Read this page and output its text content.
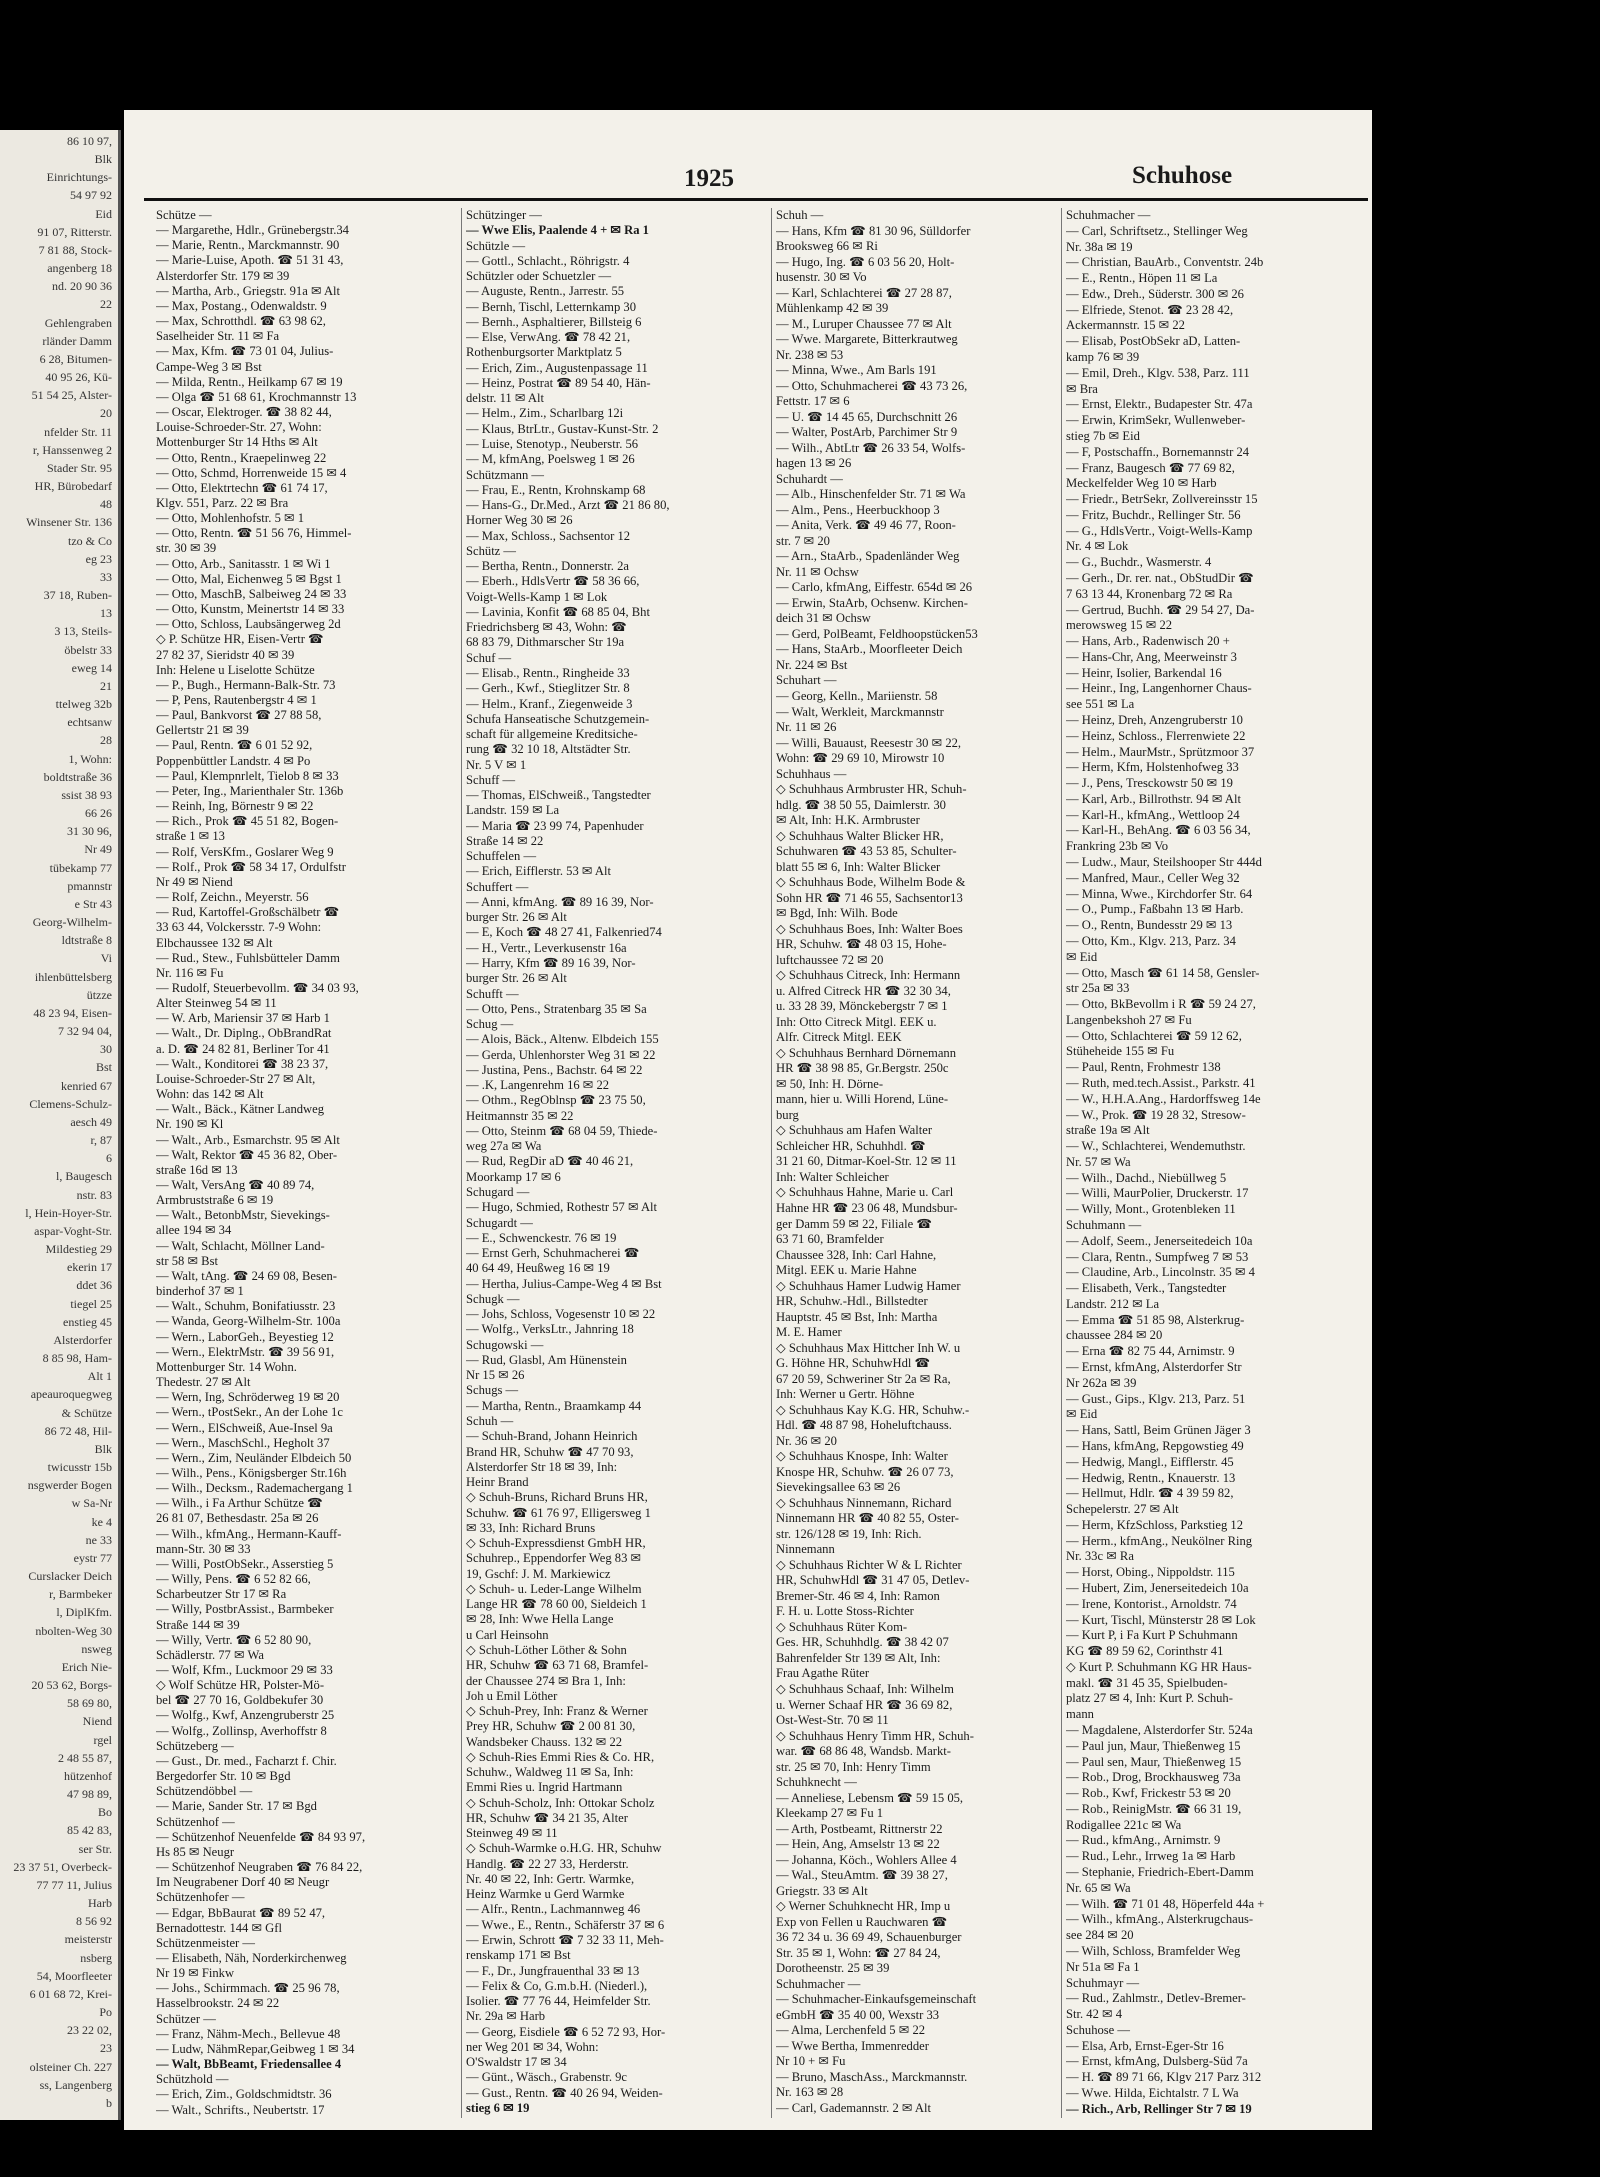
86 10 97,
Blk
Einrichtungs-
54 97 92
Eid
91 07, Ritterstr.
7 81 88, Stock-
angenberg 18
nd. 20 90 36
22
Gehlengraben
rländer Damm
6 28, Bitumen-
40 95 26, Kü-
51 54 25, Alster-
20
nfelder Str. 11
r, Hanssenweg 2
Stader Str. 95
HR, Bürobedarf
48
Winsener Str. 136
tzo & Co
eg 23
33
37 18, Ruben-
13
3 13, Steils-
öbelstr 33
eweg 14
21
ttelweg 32b
echtsanw
28
1, Wohn:
boldtstraße 36
ssist 38 93
66 26
31 30 96,
Nr 49
tübekamp 77
pmannstr
e Str 43
Georg-Wilhelm-
ldtstraße 8
Vi
ihlenbüttelsberg
ützze
48 23 94, Eisen-
7 32 94 04,
30
Bst
kenried 67
Clemens-Schulz-
aesch 49
r, 87
6
l, Baugesch
nstr. 83
l, Hein-Hoyer-Str.
aspar-Voght-Str.
Mildestieg 29
ekerin 17
ddet 36
tiegel 25
enstieg 45
Alsterdorfer
8 85 98, Ham-
Alt 1
apeauroquegweg
& Schütze
86 72 48, Hil-
Blk
twicusstr 15b
nsgwerder Bogen
w Sa-Nr
ke 4
ne 33
eystr 77
Curslacker Deich
r, Barmbeker
l, DiplKfm.
nbolten-Weg 30
nsweg
Erich Nie-
20 53 62, Borgs-
58 69 80,
Niend
rgel
2 48 55 87,
hützenhof
47 98 89,
Bo
85 42 83,
ser Str.
23 37 51, Overbeck-
77 77 11, Julius
Harb
8 56 92
meisterstr
nsberg
54, Moorfleeter
6 01 68 72, Krei-
Po
23 22 02,
23
olsteiner Ch. 227
ss, Langenberg
b
1925	Schuhose
Schütze —
— Margarethe, Hdlr., Grünebergstr.34
— Marie, Rentn., Marckmannstr. 90
— Marie-Luise, Apoth. ☎ 51 31 43,
Alsterdorfer Str. 179 ✉ 39
— Martha, Arb., Griegstr. 91a ✉ Alt
— Max, Postang., Odenwaldstr. 9
— Max, Schrotthdl. ☎ 63 98 62,
Saselheider Str. 11 ✉ Fa
— Max, Kfm. ☎ 73 01 04, Julius-
Campe-Weg 3 ✉ Bst
— Milda, Rentn., Heilkamp 67 ✉ 19
— Olga ☎ 51 68 61, Krochmannstr 13
— Oscar, Elektroger. ☎ 38 82 44,
Louise-Schroeder-Str. 27, Wohn:
Mottenburger Str 14 Hths ✉ Alt
— Otto, Rentn., Kraepelinweg 22
— Otto, Schmd, Horrenweide 15 ✉ 4
— Otto, Elektrtechn ☎ 61 74 17,
Klgv. 551, Parz. 22 ✉ Bra
— Otto, Mohlenhofstr. 5 ✉ 1
— Otto, Rentn. ☎ 51 56 76, Himmel-
str. 30 ✉ 39
— Otto, Arb., Sanitasstr. 1 ✉ Wi 1
— Otto, Mal, Eichenweg 5 ✉ Bgst 1
— Otto, MaschB, Salbeiweg 24 ✉ 33
— Otto, Kunstm, Meinertstr 14 ✉ 33
— Otto, Schloss, Laubsängerweg 2d
◇ P. Schütze HR, Eisen-Vertr ☎
27 82 37, Sieridstr 40 ✉ 39
Inh: Helene u Liselotte Schütze
— P., Bugh., Hermann-Balk-Str. 73
— P, Pens, Rautenbergstr 4 ✉ 1
— Paul, Bankvorst ☎ 27 88 58,
Gellertstr 21 ✉ 39
— Paul, Rentn. ☎ 6 01 52 92,
Poppenbüttler Landstr. 4 ✉ Po
— Paul, Klempnrlelt, Tielob 8 ✉ 33
— Peter, Ing., Marienthaler Str. 136b
— Reinh, Ing, Börnestr 9 ✉ 22
— Rich., Prok ☎ 45 51 82, Bogen-
straße 1 ✉ 13
— Rolf, VersKfm., Goslarer Weg 9
— Rolf., Prok ☎ 58 34 17, Ordulfstr
Nr 49 ✉ Niend
— Rolf, Zeichn., Meyerstr. 56
— Rud, Kartoffel-Großschälbetr ☎
33 63 44, Volckersstr. 7-9 Wohn:
Elbchaussee 132 ✉ Alt
— Rud., Stew., Fuhlsbütteler Damm
Nr. 116 ✉ Fu
— Rudolf, Steuerbevollm. ☎ 34 03 93,
Alter Steinweg 54 ✉ 11
— W. Arb, Mariensir 37 ✉ Harb 1
— Walt., Dr. Diplng., ObBrandRat
a. D. ☎ 24 82 81, Berliner Tor 41
— Walt., Konditorei ☎ 38 23 37,
Louise-Schroeder-Str 27 ✉ Alt,
Wohn: das 142 ✉ Alt
— Walt., Bäck., Kätner Landweg
Nr. 190 ✉ Kl
— Walt., Arb., Esmarchstr. 95 ✉ Alt
— Walt, Rektor ☎ 45 36 82, Ober-
straße 16d ✉ 13
— Walt, VersAng ☎ 40 89 74,
Armbruststraße 6 ✉ 19
— Walt., BetonbMstr, Sievekings-
allee 194 ✉ 34
— Walt, Schlacht, Möllner Land-
str 58 ✉ Bst
— Walt, tAng. ☎ 24 69 08, Besen-
binderhof 37 ✉ 1
— Walt., Schuhm, Bonifatiusstr. 23
— Wanda, Georg-Wilhelm-Str. 100a
— Wern., LaborGeh., Beyestieg 12
— Wern., ElektrMstr. ☎ 39 56 91,
Mottenburger Str. 14 Wohn.
Thedestr. 27 ✉ Alt
— Wern, Ing, Schröderweg 19 ✉ 20
— Wern., tPostSekr., An der Lohe 1c
— Wern., ElSchweiß, Aue-Insel 9a
— Wern., MaschSchl., Hegholt 37
— Wern., Zim, Neuländer Elbdeich 50
— Wilh., Pens., Königsberger Str.16h
— Wilh., Decksm., Rademachergang 1
— Wilh., i Fa Arthur Schütze ☎
26 81 07, Bethesdastr. 25a ✉ 26
— Wilh., kfmAng., Hermann-Kauff-
mann-Str. 30 ✉ 33
— Willi, PostObSekr., Asserstieg 5
— Willy, Pens. ☎ 6 52 82 66,
Scharbeutzer Str 17 ✉ Ra
— Willy, PostbrAssist., Barmbeker
Straße 144 ✉ 39
— Willy, Vertr. ☎ 6 52 80 90,
Schädlerstr. 77 ✉ Wa
— Wolf, Kfm., Luckmoor 29 ✉ 33
◇ Wolf Schütze HR, Polster-Mö-
bel ☎ 27 70 16, Goldbekufer 30
— Wolfg., Kwf, Anzengruberstr 25
— Wolfg., Zollinsp, Averhoffstr 8
Schützeberg —
— Gust., Dr. med., Facharzt f. Chir.
Bergedorfer Str. 10 ✉ Bgd
Schützendöbbel —
— Marie, Sander Str. 17 ✉ Bgd
Schützenhof —
— Schützenhof Neuenfelde ☎ 84 93 97,
Hs 85 ✉ Neugr
— Schützenhof Neugraben ☎ 76 84 22,
Im Neugrabener Dorf 40 ✉ Neugr
Schützenhofer —
— Edgar, BbBaurat ☎ 89 52 47,
Bernadottestr. 144 ✉ Gfl
Schützenmeister —
— Elisabeth, Näh, Norderkirchenweg
Nr 19 ✉ Finkw
— Johs., Schirmmach. ☎ 25 96 78,
Hasselbrookstr. 24 ✉ 22
Schützer —
— Franz, Nähm-Mech., Bellevue 48
— Ludw, NähmRepar,Geibweg 1 ✉ 34
— Walt, BbBeamt, Friedensallee 4
Schützhold —
— Erich, Zim., Goldschmidtstr. 36
— Walt., Schrifts., Neubertstr. 17
Schützinger —
— Wwe Elis, Paalende 4 + ✉ Ra 1
Schützle —
— Gottl., Schlacht., Röhrigstr. 4
Schützler oder Schuetzler —
— Auguste, Rentn., Jarrestr. 55
— Bernh, Tischl, Letternkamp 30
— Bernh., Asphaltierer, Billsteig 6
— Else, VerwAng. ☎ 78 42 21,
Rothenburgsorter Marktplatz 5
— Erich, Zim., Augustenpassage 11
— Heinz, Postrat ☎ 89 54 40, Hän-
delstr. 11 ✉ Alt
— Helm., Zim., Scharlbarg 12i
— Klaus, BtrLtr., Gustav-Kunst-Str. 2
— Luise, Stenotyp., Neuberstr. 56
— M, kfmAng, Poelsweg 1 ✉ 26
Schützmann —
— Frau, E., Rentn, Krohnskamp 68
— Hans-G., Dr.Med., Arzt ☎ 21 86 80,
Horner Weg 30 ✉ 26
— Max, Schloss., Sachsentor 12
Schütz —
— Bertha, Rentn., Donnerstr. 2a
— Eberh., HdlsVertr ☎ 58 36 66,
Voigt-Wells-Kamp 1 ✉ Lok
— Lavinia, Konfit ☎ 68 85 04, Bht
Friedrichsberg ✉ 43, Wohn: ☎
68 83 79, Dithmarscher Str 19a
Schuf —
— Elisab., Rentn., Ringheide 33
— Gerh., Kwf., Stieglitzer Str. 8
— Helm., Kranf., Ziegenweide 3
Schufa Hanseatische Schutzgemein-
schaft für allgemeine Kreditsiche-
rung ☎ 32 10 18, Altstädter Str.
Nr. 5 V ✉ 1
Schuff —
— Thomas, ElSchweiß., Tangstedter
Landstr. 159 ✉ La
— Maria ☎ 23 99 74, Papenhuder
Straße 14 ✉ 22
Schuffelen —
— Erich, Eifflerstr. 53 ✉ Alt
Schuffert —
— Anni, kfmAng. ☎ 89 16 39, Nor-
burger Str. 26 ✉ Alt
— E, Koch ☎ 48 27 41, Falkenried74
— H., Vertr., Leverkusenstr 16a
— Harry, Kfm ☎ 89 16 39, Nor-
burger Str. 26 ✉ Alt
Schufft —
— Otto, Pens., Stratenbarg 35 ✉ Sa
Schug —
— Alois, Bäck., Altenw. Elbdeich 155
— Gerda, Uhlenhorster Weg 31 ✉ 22
— Justina, Pens., Bachstr. 64 ✉ 22
— .K, Langenrehm 16 ✉ 22
— Othm., RegOblnsp ☎ 23 75 50,
Heitmannstr 35 ✉ 22
— Otto, Steinm ☎ 68 04 59, Thiede-
weg 27a ✉ Wa
— Rud, RegDir aD ☎ 40 46 21,
Moorkamp 17 ✉ 6
Schugard —
— Hugo, Schmied, Rothestr 57 ✉ Alt
Schugardt —
— E., Schwenckestr. 76 ✉ 19
— Ernst Gerh, Schuhmacherei ☎
40 64 49, Heußweg 16 ✉ 19
— Hertha, Julius-Campe-Weg 4 ✉ Bst
Schugk —
— Johs, Schloss, Vogesenstr 10 ✉ 22
— Wolfg., VerksLtr., Jahnring 18
Schugowski —
— Rud, Glasbl, Am Hünenstein
Nr 15 ✉ 26
Schugs —
— Martha, Rentn., Braamkamp 44
Schuh —
— Schuh-Brand, Johann Heinrich
Brand HR, Schuhw ☎ 47 70 93,
Alsterdorfer Str 18 ✉ 39, Inh:
Heinr Brand
◇ Schuh-Bruns, Richard Bruns HR,
Schuhw. ☎ 61 76 97, Elligersweg 1
✉ 33, Inh: Richard Bruns
◇ Schuh-Expressdienst GmbH HR,
Schuhrep., Eppendorfer Weg 83 ✉
19, Gschf: J. M. Markiewicz
◇ Schuh- u. Leder-Lange Wilhelm
Lange HR ☎ 78 60 00, Sieldeich 1
✉ 28, Inh: Wwe Hella Lange
u Carl Heinsohn
◇ Schuh-Löther Löther & Sohn
HR, Schuhw ☎ 63 71 68, Bramfel-
der Chaussee 274 ✉ Bra 1, Inh:
Joh u Emil Löther
◇ Schuh-Prey, Inh: Franz & Werner
Prey HR, Schuhw ☎ 2 00 81 30,
Wandsbeker Chauss. 132 ✉ 22
◇ Schuh-Ries Emmi Ries & Co. HR,
Schuhw., Waldweg 11 ✉ Sa, Inh:
Emmi Ries u. Ingrid Hartmann
◇ Schuh-Scholz, Inh: Ottokar Scholz
HR, Schuhw ☎ 34 21 35, Alter
Steinweg 49 ✉ 11
◇ Schuh-Warmke o.H.G. HR, Schuhw
Handlg. ☎ 22 27 33, Herderstr.
Nr. 40 ✉ 22, Inh: Gertr. Warmke,
Heinz Warmke u Gerd Warmke
— Alfr., Rentn., Lachmannweg 46
— Wwe., E., Rentn., Schäferstr 37 ✉ 6
— Erwin, Schrott ☎ 7 32 33 11, Meh-
renskamp 171 ✉ Bst
— F., Dr., Jungfrauenthal 33 ✉ 13
— Felix & Co, G.m.b.H. (Niederl.),
Isolier. ☎ 77 76 44, Heimfelder Str.
Nr. 29a ✉ Harb
— Georg, Eisdiele ☎ 6 52 72 93, Hor-
ner Weg 201 ✉ 34, Wohn:
O'Swaldstr 17 ✉ 34
— Günt., Wäsch., Grabenstr. 9c
— Gust., Rentn. ☎ 40 26 94, Weiden-
stieg 6 ✉ 19
Schuh —
— Hans, Kfm ☎ 81 30 96, Sülldorfer
Brooksweg 66 ✉ Ri
— Hugo, Ing. ☎ 6 03 56 20, Holt-
husenstr. 30 ✉ Vo
— Karl, Schlachterei ☎ 27 28 87,
Mühlenkamp 42 ✉ 39
— M., Luruper Chaussee 77 ✉ Alt
— Wwe. Margarete, Bitterkrautweg
Nr. 238 ✉ 53
— Minna, Wwe., Am Barls 191
— Otto, Schuhmacherei ☎ 43 73 26,
Fettstr. 17 ✉ 6
— U. ☎ 14 45 65, Durchschnitt 26
— Walter, PostArb, Parchimer Str 9
— Wilh., AbtLtr ☎ 26 33 54, Wolfs-
hagen 13 ✉ 26
Schuhardt —
— Alb., Hinschenfelder Str. 71 ✉ Wa
— Alm., Pens., Heerbuckhoop 3
— Anita, Verk. ☎ 49 46 77, Roon-
str. 7 ✉ 20
— Arn., StaArb., Spadenländer Weg
Nr. 11 ✉ Ochsw
— Carlo, kfmAng, Eiffestr. 654d ✉ 26
— Erwin, StaArb, Ochsenw. Kirchen-
deich 31 ✉ Ochsw
— Gerd, PolBeamt, Feldhoopstücken53
— Hans, StaArb., Moorfleeter Deich
Nr. 224 ✉ Bst
Schuhart —
— Georg, Kelln., Mariienstr. 58
— Walt, Werkleit, Marckmannstr
Nr. 11 ✉ 26
— Willi, Bauaust, Reesestr 30 ✉ 22,
Wohn: ☎ 29 69 10, Mirowstr 10
Schuhhaus —
◇ Schuhhaus Armbruster HR, Schuh-
hdlg. ☎ 38 50 55, Daimlerstr. 30
✉ Alt, Inh: H.K. Armbruster
◇ Schuhhaus Walter Blicker HR,
Schuhwaren ☎ 43 53 85, Schulter-
blatt 55 ✉ 6, Inh: Walter Blicker
◇ Schuhhaus Bode, Wilhelm Bode &
Sohn HR ☎ 71 46 55, Sachsentor13
✉ Bgd, Inh: Wilh. Bode
◇ Schuhhaus Boes, Inh: Walter Boes
HR, Schuhw. ☎ 48 03 15, Hohe-
luftchaussee 72 ✉ 20
◇ Schuhhaus Citreck, Inh: Hermann
u. Alfred Citreck HR ☎ 32 30 34,
u. 33 28 39, Mönckebergstr 7 ✉ 1
Inh: Otto Citreck Mitgl. EEK u.
Alfr. Citreck Mitgl. EEK
◇ Schuhhaus Bernhard Dörnemann
HR ☎ 38 98 85, Gr.Bergstr. 250c
✉ 50, Inh: H. Dörne-
mann, hier u. Willi Horend, Lüne-
burg
◇ Schuhhaus am Hafen Walter
Schleicher HR, Schuhhdl. ☎
31 21 60, Ditmar-Koel-Str. 12 ✉ 11
Inh: Walter Schleicher
◇ Schuhhaus Hahne, Marie u. Carl
Hahne HR ☎ 23 06 48, Mundsbur-
ger Damm 59 ✉ 22, Filiale ☎
63 71 60, Bramfelder
Chaussee 328, Inh: Carl Hahne,
Mitgl. EEK u. Marie Hahne
◇ Schuhhaus Hamer Ludwig Hamer
HR, Schuhw.-Hdl., Billstedter
Hauptstr. 45 ✉ Bst, Inh: Martha
M. E. Hamer
◇ Schuhhaus Max Hittcher Inh W. u
G. Höhne HR, SchuhwHdl ☎
67 20 59, Schweriner Str 2a ✉ Ra,
Inh: Werner u Gertr. Höhne
◇ Schuhhaus Kay K.G. HR, Schuhw.-
Hdl. ☎ 48 87 98, Hoheluftchauss.
Nr. 36 ✉ 20
◇ Schuhhaus Knospe, Inh: Walter
Knospe HR, Schuhw. ☎ 26 07 73,
Sievekingsallee 63 ✉ 26
◇ Schuhhaus Ninnemann, Richard
Ninnemann HR ☎ 40 82 55, Oster-
str. 126/128 ✉ 19, Inh: Rich.
Ninnemann
◇ Schuhhaus Richter W & L Richter
HR, SchuhwHdl ☎ 31 47 05, Detlev-
Bremer-Str. 46 ✉ 4, Inh: Ramon
F. H. u. Lotte Stoss-Richter
◇ Schuhhaus Rüter Kom-
Ges. HR, Schuhhdlg. ☎ 38 42 07
Bahrenfelder Str 139 ✉ Alt, Inh:
Frau Agathe Rüter
◇ Schuhhaus Schaaf, Inh: Wilhelm
u. Werner Schaaf HR ☎ 36 69 82,
Ost-West-Str. 70 ✉ 11
◇ Schuhhaus Henry Timm HR, Schuh-
war. ☎ 68 86 48, Wandsb. Markt-
str. 25 ✉ 70, Inh: Henry Timm
Schuhknecht —
— Anneliese, Lebensm ☎ 59 15 05,
Kleekamp 27 ✉ Fu 1
— Arth, Postbeamt, Rittnerstr 22
— Hein, Ang, Amselstr 13 ✉ 22
— Johanna, Köch., Wohlers Allee 4
— Wal., SteuAmtm. ☎ 39 38 27,
Griegstr. 33 ✉ Alt
◇ Werner Schuhknecht HR, Imp u
Exp von Fellen u Rauchwaren ☎
36 72 34 u. 36 69 49, Schauenburger
Str. 35 ✉ 1, Wohn: ☎ 27 84 24,
Dorotheenstr. 25 ✉ 39
Schuhmacher —
— Schuhmacher-Einkaufsgemeinschaft
eGmbH ☎ 35 40 00, Wexstr 33
— Alma, Lerchenfeld 5 ✉ 22
— Wwe Bertha, Immenredder
Nr 10 + ✉ Fu
— Bruno, MaschAss., Marckmannstr.
Nr. 163 ✉ 28
— Carl, Gademannstr. 2 ✉ Alt
Schuhmacher —
— Carl, Schriftsetz., Stellinger Weg
Nr. 38a ✉ 19
— Christian, BauArb., Conventstr. 24b
— E., Rentn., Höpen 11 ✉ La
— Edw., Dreh., Süderstr. 300 ✉ 26
— Elfriede, Stenot. ☎ 23 28 42,
Ackermannstr. 15 ✉ 22
— Elisab, PostObSekr aD, Latten-
kamp 76 ✉ 39
— Emil, Dreh., Klgv. 538, Parz. 111
✉ Bra
— Ernst, Elektr., Budapester Str. 47a
— Erwin, KrimSekr, Wullenweber-
stieg 7b ✉ Eid
— F, Postschaffn., Bornemannstr 24
— Franz, Baugesch ☎ 77 69 82,
Meckelfelder Weg 10 ✉ Harb
— Friedr., BetrSekr, Zollvereinsstr 15
— Fritz, Buchdr., Rellinger Str. 56
— G., HdlsVertr., Voigt-Wells-Kamp
Nr. 4 ✉ Lok
— G., Buchdr., Wasmerstr. 4
— Gerh., Dr. rer. nat., ObStudDir ☎
7 63 13 44, Kronenbarg 72 ✉ Ra
— Gertrud, Buchh. ☎ 29 54 27, Da-
merowsweg 15 ✉ 22
— Hans, Arb., Radenwisch 20 +
— Hans-Chr, Ang, Meerweinstr 3
— Heinr, Isolier, Barkendal 16
— Heinr., Ing, Langenhorner Chaus-
see 551 ✉ La
— Heinz, Dreh, Anzengruberstr 10
— Heinz, Schloss., Flerrenwiete 22
— Helm., MaurMstr., Sprützmoor 37
— Herm, Kfm, Holstenhofweg 33
— J., Pens, Tresckowstr 50 ✉ 19
— Karl, Arb., Billrothstr. 94 ✉ Alt
— Karl-H., kfmAng., Wettloop 24
— Karl-H., BehAng. ☎ 6 03 56 34,
Frankring 23b ✉ Vo
— Ludw., Maur, Steilshooper Str 444d
— Manfred, Maur., Celler Weg 32
— Minna, Wwe., Kirchdorfer Str. 64
— O., Pump., Faßbahn 13 ✉ Harb.
— O., Rentn, Bundesstr 29 ✉ 13
— Otto, Km., Klgv. 213, Parz. 34
✉ Eid
— Otto, Masch ☎ 61 14 58, Gensler-
str 25a ✉ 33
— Otto, BkBevollm i R ☎ 59 24 27,
Langenbekshoh 27 ✉ Fu
— Otto, Schlachterei ☎ 59 12 62,
Stüheheide 155 ✉ Fu
— Paul, Rentn, Frohmestr 138
— Ruth, med.tech.Assist., Parkstr. 41
— W., H.H.A.Ang., Hardorffsweg 14e
— W., Prok. ☎ 19 28 32, Stresow-
straße 19a ✉ Alt
— W., Schlachterei, Wendemuthstr.
Nr. 57 ✉ Wa
— Wilh., Dachd., Niebüllweg 5
— Willi, MaurPolier, Druckerstr. 17
— Willy, Mont., Grotenbleken 11
Schuhmann —
— Adolf, Seem., Jenerseitedeich 10a
— Clara, Rentn., Sumpfweg 7 ✉ 53
— Claudine, Arb., Lincolnstr. 35 ✉ 4
— Elisabeth, Verk., Tangstedter
Landstr. 212 ✉ La
— Emma ☎ 51 85 98, Alsterkrug-
chaussee 284 ✉ 20
— Erna ☎ 82 75 44, Arnimstr. 9
— Ernst, kfmAng, Alsterdorfer Str
Nr 262a ✉ 39
— Gust., Gips., Klgv. 213, Parz. 51
✉ Eid
— Hans, Sattl, Beim Grünen Jäger 3
— Hans, kfmAng, Repgowstieg 49
— Hedwig, Mangl., Eifflerstr. 45
— Hedwig, Rentn., Knauerstr. 13
— Hellmut, Hdlr. ☎ 4 39 59 82,
Schepelerstr. 27 ✉ Alt
— Herm, KfzSchloss, Parkstieg 12
— Herm., kfmAng., Neukölner Ring
Nr. 33c ✉ Ra
— Horst, Obing., Nippoldstr. 115
— Hubert, Zim, Jenerseitedeich 10a
— Irene, Kontorist., Arnoldstr. 74
— Kurt, Tischl, Münsterstr 28 ✉ Lok
— Kurt P, i Fa Kurt P Schuhmann
KG ☎ 89 59 62, Corinthstr 41
◇ Kurt P. Schuhmann KG HR Haus-
makl. ☎ 31 45 35, Spielbuden-
platz 27 ✉ 4, Inh: Kurt P. Schuh-
mann
— Magdalene, Alsterdorfer Str. 524a
— Paul jun, Maur, Thießenweg 15
— Paul sen, Maur, Thießenweg 15
— Rob., Drog, Brockhausweg 73a
— Rob., Kwf, Frickestr 53 ✉ 20
— Rob., ReinigMstr. ☎ 66 31 19,
Rodigallee 221c ✉ Wa
— Rud., kfmAng., Arnimstr. 9
— Rud., Lehr., Irrweg 1a ✉ Harb
— Stephanie, Friedrich-Ebert-Damm
Nr. 65 ✉ Wa
— Wilh. ☎ 71 01 48, Höperfeld 44a +
— Wilh., kfmAng., Alsterkrugchaus-
see 284 ✉ 20
— Wilh, Schloss, Bramfelder Weg
Nr 51a ✉ Fa 1
Schuhmayr —
— Rud., Zahlmstr., Detlev-Bremer-
Str. 42 ✉ 4
Schuhose —
— Elsa, Arb, Ernst-Eger-Str 16
— Ernst, kfmAng, Dulsberg-Süd 7a
— H. ☎ 89 71 66, Klgv 217 Parz 312
— Wwe. Hilda, Eichtalstr. 7 L Wa
— Rich., Arb, Rellinger Str 7 ✉ 19
